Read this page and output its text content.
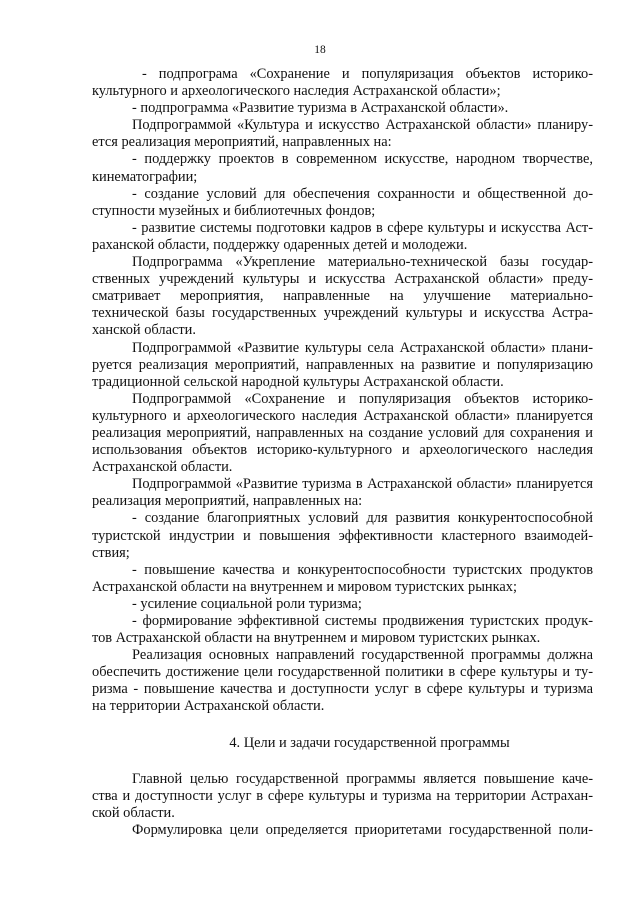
18
- подпрограма «Сохранение и популяризация объектов историко-
культурного и археологического наследия Астраханской области»;
- подпрограмма «Развитие туризма в Астраханской области».
Подпрограммой «Культура и искусство Астраханской области» планиру-
ется реализация мероприятий, направленных на:
- поддержку проектов в современном искусстве, народном творчестве,
кинематографии;
- создание условий для обеспечения сохранности и общественной до-
ступности музейных и библиотечных фондов;
- развитие системы подготовки кадров в сфере культуры и искусства Аст-
раханской области, поддержку одаренных детей и молодежи.
Подпрограмма «Укрепление материально-технической базы государ-
ственных учреждений культуры и искусства Астраханской области» преду-
сматривает мероприятия, направленные на улучшение материально-
технической базы государственных учреждений культуры и искусства Астра-
ханской области.
Подпрограммой «Развитие культуры села Астраханской области» плани-
руется реализация мероприятий, направленных на развитие и популяризацию
традиционной сельской народной культуры Астраханской области.
Подпрограммой «Сохранение и популяризация объектов историко-
культурного и археологического наследия Астраханской области» планируется
реализация мероприятий, направленных на создание условий для сохранения и
использования объектов историко-культурного и археологического наследия
Астраханской области.
Подпрограммой «Развитие туризма в Астраханской области» планируется
реализация мероприятий, направленных на:
- создание благоприятных условий для развития конкурентоспособной
туристской индустрии и повышения эффективности кластерного взаимодей-
ствия;
- повышение качества и конкурентоспособности туристских продуктов
Астраханской области на внутреннем и мировом туристских рынках;
- усиление социальной роли туризма;
- формирование эффективной системы продвижения туристских продук-
тов Астраханской области на внутреннем и мировом туристских рынках.
Реализация основных направлений государственной программы должна
обеспечить достижение цели государственной политики в сфере культуры и ту-
ризма - повышение качества и доступности услуг в сфере культуры и туризма
на территории Астраханской области.
4. Цели и задачи государственной программы
Главной целью государственной программы является повышение каче-
ства и доступности услуг в сфере культуры и туризма на территории Астрахан-
ской области.
Формулировка цели определяется приоритетами государственной поли-
